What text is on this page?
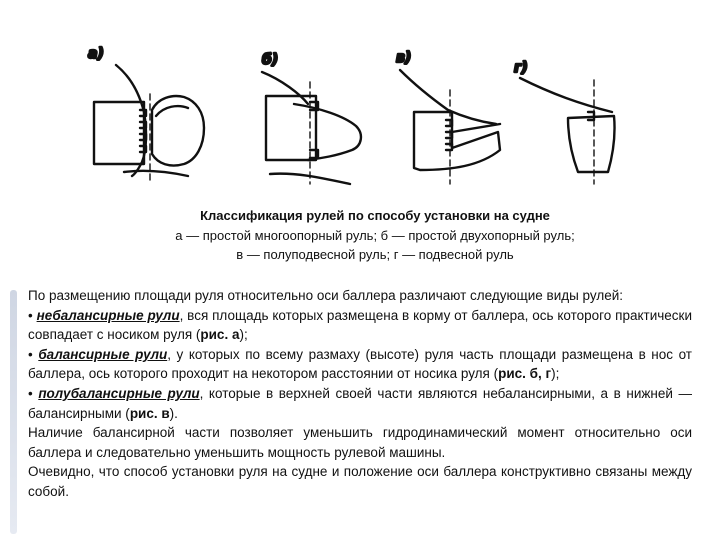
а)	б)	в)
г)
Классификация рулей по способу установки на судне
а — простой многоопорный руль; б — простой двухопорный руль;
в — полуподвесной руль; г — подвесной руль

По размещению площади руля относительно оси баллера различают следующие виды рулей:

• небалансирные рули, вся площадь которых размещена в корму от баллера, ось которого практически совпадает с носиком руля (рис. а);

• балансирные рули, у которых по всему размаху (высоте) руля часть площади размещена в нос от баллера, ось которого проходит на некотором расстоянии от носика руля (рис. б, г);

• полубалансирные рули, которые в верхней своей части являются небалансирными, а в нижней — балансирными (рис. в).

Наличие балансирной части позволяет уменьшить гидродинамический момент относительно оси баллера и следовательно уменьшить мощность рулевой машины.

Очевидно, что способ установки руля на судне и положение оси баллера конструктивно связаны между собой.
